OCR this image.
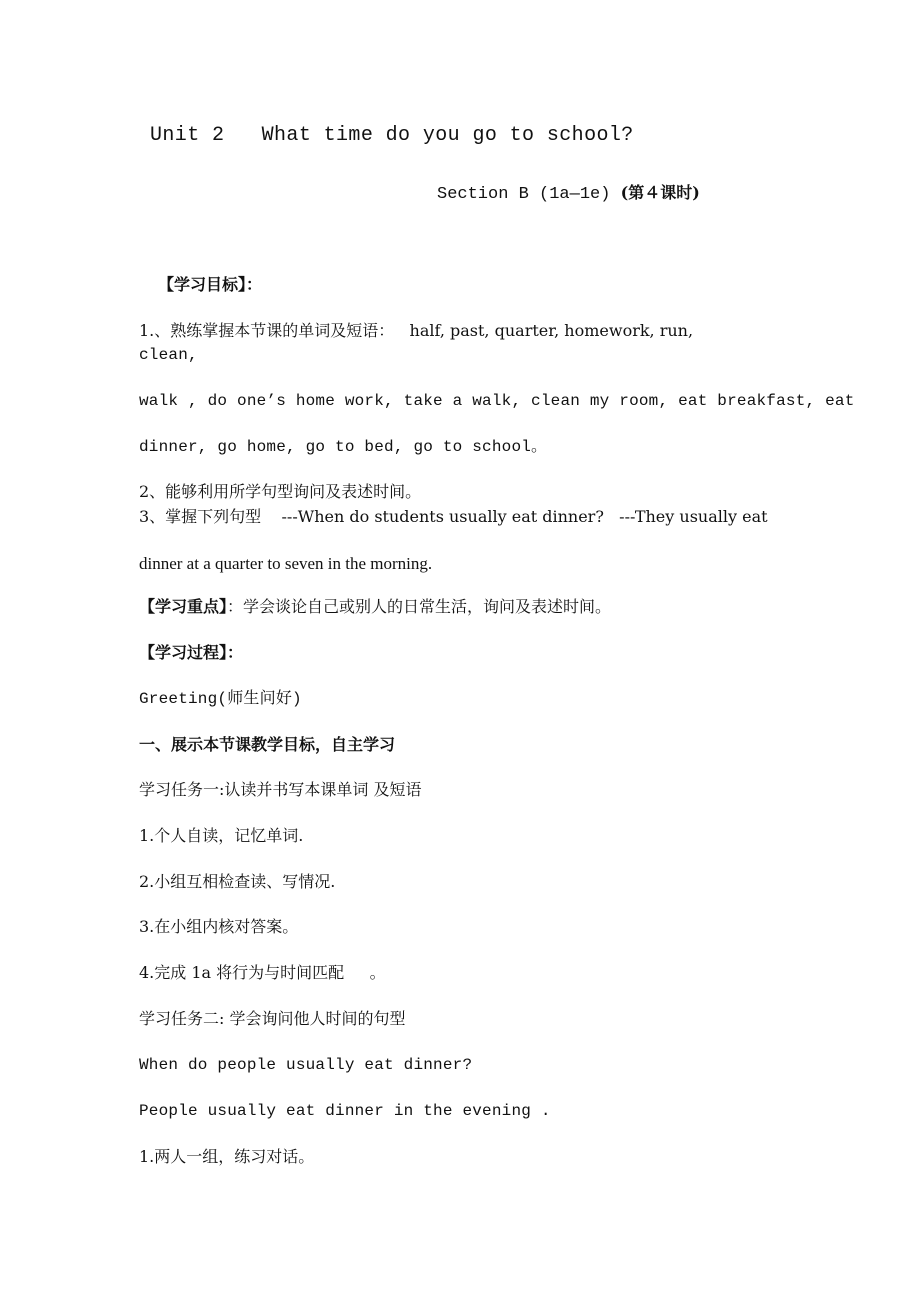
Unit 2   What time do you go to school?
Section B (1a—1e) (第４课时)
【学习目标】：
1.、熟练掌握本节课的单词及短语：   half, past, quarter, homework, run,
clean,
walk , do one’s home work, take a walk, clean my room, eat breakfast, eat
dinner, go home, go to bed, go to school。
2、能够利用所学句型询问及表述时间。
3、掌握下列句型    ---When do students usually eat dinner?   ---They usually eat
dinner at a quarter to seven in the morning.
【学习重点】：学会谈论自己或别人的日常生活，询问及表述时间。
【学习过程】：
Greeting(师生问好)
一、展示本节课教学目标，自主学习
学习任务一:认读并书写本课单词 及短语
1.个人自读，记忆单词.
2.小组互相检查读、写情况.
3.在小组内核对答案。
4.完成 1a 将行为与时间匹配     。
学习任务二: 学会询问他人时间的句型
When do people usually eat dinner?
People usually eat dinner in the evening .
1.两人一组，练习对话。
